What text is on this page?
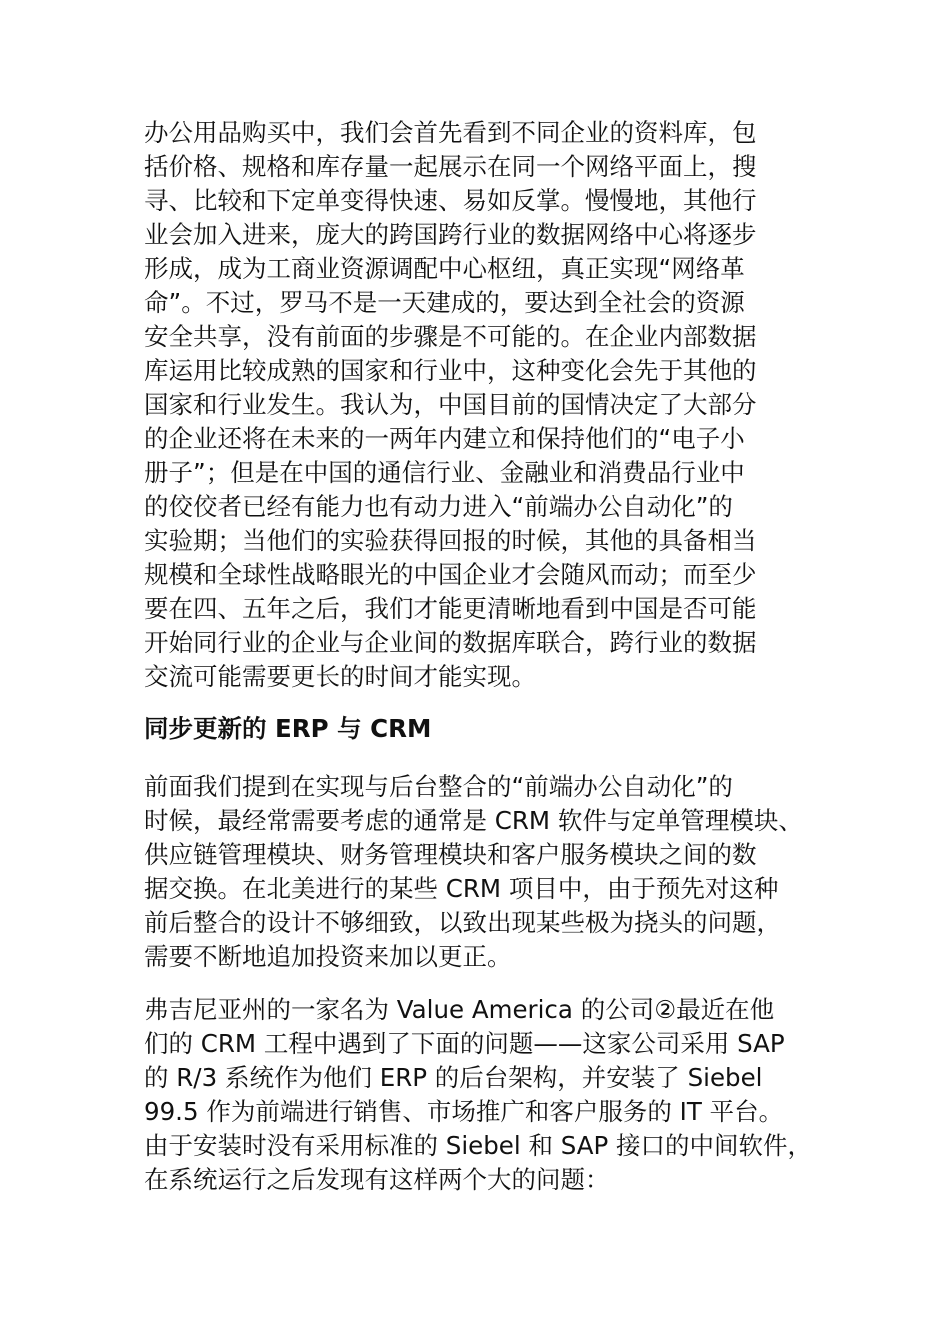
办公用品购买中，我们会首先看到不同企业的资料库，包
括价格、规格和库存量一起展示在同一个网络平面上，搜
寻、比较和下定单变得快速、易如反掌。慢慢地，其他行
业会加入进来，庞大的跨国跨行业的数据网络中心将逐步
形成，成为工商业资源调配中心枢纽，真正实现“网络革
命”。不过，罗马不是一天建成的，要达到全社会的资源
安全共享，没有前面的步骤是不可能的。在企业内部数据
库运用比较成熟的国家和行业中，这种变化会先于其他的
国家和行业发生。我认为，中国目前的国情决定了大部分
的企业还将在未来的一两年内建立和保持他们的“电子小
册子”；但是在中国的通信行业、金融业和消费品行业中
的佼佼者已经有能力也有动力进入“前端办公自动化”的
实验期；当他们的实验获得回报的时候，其他的具备相当
规模和全球性战略眼光的中国企业才会随风而动；而至少
要在四、五年之后，我们才能更清晰地看到中国是否可能
开始同行业的企业与企业间的数据库联合，跨行业的数据
交流可能需要更长的时间才能实现。
同步更新的 ERP 与 CRM
前面我们提到在实现与后台整合的“前端办公自动化”的
时候，最经常需要考虑的通常是 CRM 软件与定单管理模块、
供应链管理模块、财务管理模块和客户服务模块之间的数
据交换。在北美进行的某些 CRM 项目中，由于预先对这种
前后整合的设计不够细致，以致出现某些极为挠头的问题，
需要不断地追加投资来加以更正。
弗吉尼亚州的一家名为 Value America 的公司②最近在他
们的 CRM 工程中遇到了下面的问题——这家公司采用 SAP
的 R/3 系统作为他们 ERP 的后台架构，并安装了 Siebel
99.5 作为前端进行销售、市场推广和客户服务的 IT 平台。
由于安装时没有采用标准的 Siebel 和 SAP 接口的中间软件，
在系统运行之后发现有这样两个大的问题：
